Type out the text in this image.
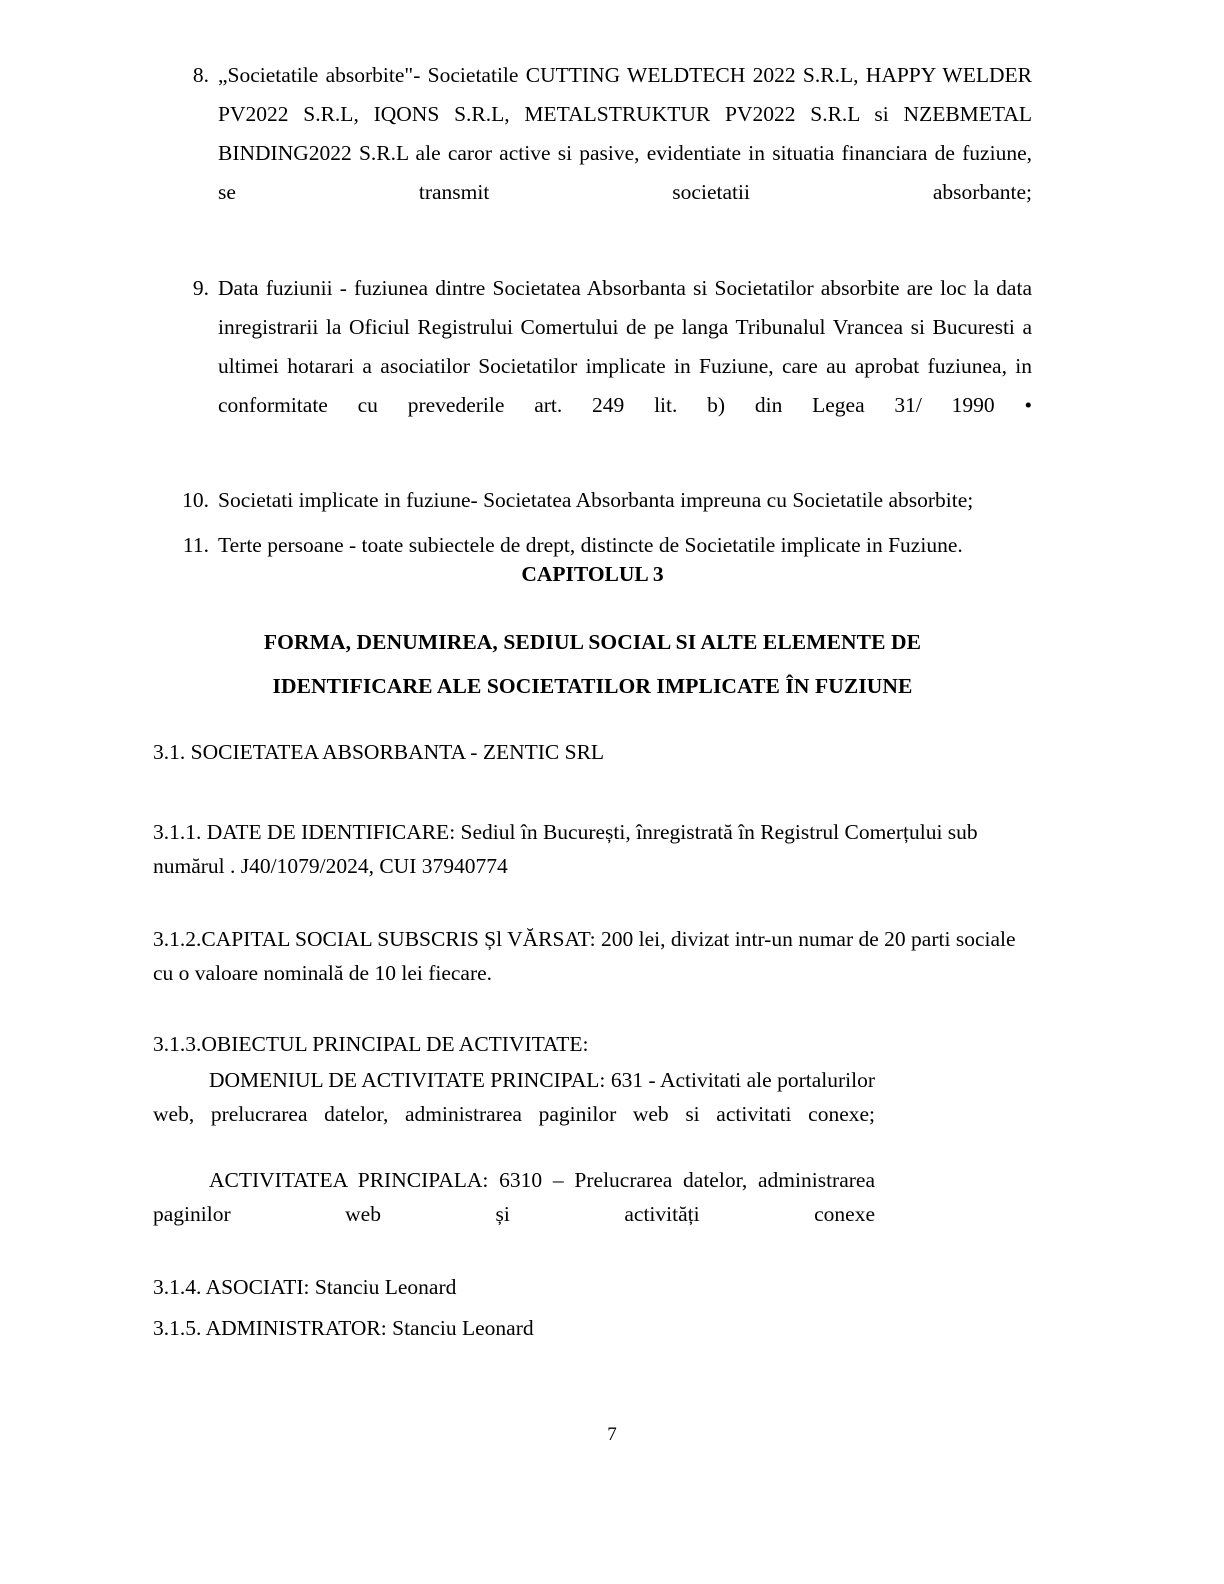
8. „Societatile absorbite"- Societatile CUTTING WELDTECH 2022 S.R.L, HAPPY WELDER PV2022 S.R.L, IQONS S.R.L, METALSTRUKTUR PV2022 S.R.L si NZEBMETAL BINDING2022 S.R.L ale caror active si pasive, evidentiate in situatia financiara de fuziune, se transmit societatii absorbante;
9. Data fuziunii - fuziunea dintre Societatea Absorbanta si Societatilor absorbite are loc la data inregistrarii la Oficiul Registrului Comertului de pe langa Tribunalul Vrancea si Bucuresti a ultimei hotarari a asociatilor Societatilor implicate in Fuziune, care au aprobat fuziunea, in conformitate cu prevederile art. 249 lit. b) din Legea 31/ 1990 •
10. Societati implicate in fuziune- Societatea Absorbanta impreuna cu Societatile absorbite;
11. Terte persoane - toate subiectele de drept, distincte de Societatile implicate in Fuziune.
CAPITOLUL 3
FORMA, DENUMIREA, SEDIUL SOCIAL SI ALTE ELEMENTE DE
IDENTIFICARE ALE SOCIETATILOR IMPLICATE ÎN FUZIUNE
3.1. SOCIETATEA ABSORBANTA - ZENTIC SRL
3.1.1. DATE DE IDENTIFICARE: Sediul în București, înregistrată în Registrul Comerțului sub numărul . J40/1079/2024, CUI 37940774
3.1.2.CAPITAL SOCIAL SUBSCRIS Șl VĂRSAT: 200 lei, divizat intr-un numar de 20 parti sociale cu o valoare nominală de 10 lei fiecare.
3.1.3.OBIECTUL PRINCIPAL DE ACTIVITATE:
DOMENIUL DE ACTIVITATE PRINCIPAL: 631 - Activitati ale portalurilor web, prelucrarea datelor, administrarea paginilor web si activitati conexe;
ACTIVITATEA PRINCIPALA: 6310 – Prelucrarea datelor, administrarea paginilor web și activități conexe
3.1.4. ASOCIATI: Stanciu Leonard
3.1.5. ADMINISTRATOR: Stanciu Leonard
7
